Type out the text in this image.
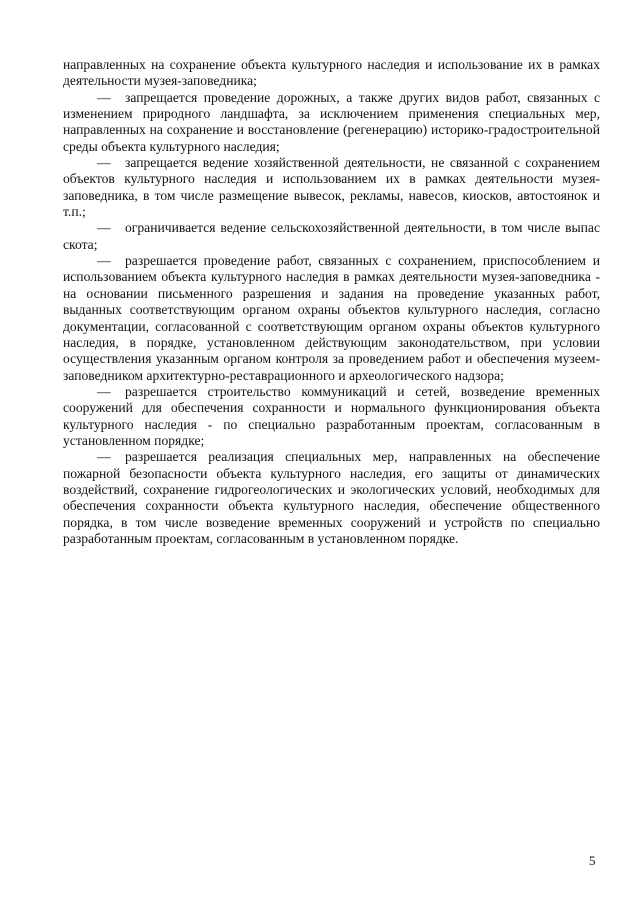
направленных на сохранение объекта культурного наследия и использование их в рамках деятельности музея-заповедника;

— запрещается проведение дорожных, а также других видов работ, связанных с изменением природного ландшафта, за исключением применения специальных мер, направленных на сохранение и восстановление (регенерацию) историко-градостроительной среды объекта культурного наследия;

— запрещается ведение хозяйственной деятельности, не связанной с сохранением объектов культурного наследия и использованием их в рамках деятельности музея-заповедника, в том числе размещение вывесок, рекламы, навесов, киосков, автостоянок и т.п.;

— ограничивается ведение сельскохозяйственной деятельности, в том числе выпас скота;

— разрешается проведение работ, связанных с сохранением, приспособлением и использованием объекта культурного наследия в рамках деятельности музея-заповедника - на основании письменного разрешения и задания на проведение указанных работ, выданных соответствующим органом охраны объектов культурного наследия, согласно документации, согласованной с соответствующим органом охраны объектов культурного наследия, в порядке, установленном действующим законодательством, при условии осуществления указанным органом контроля за проведением работ и обеспечения музеем-заповедником архитектурно-реставрационного и археологического надзора;

— разрешается строительство коммуникаций и сетей, возведение временных сооружений для обеспечения сохранности и нормального функционирования объекта культурного наследия - по специально разработанным проектам, согласованным в установленном порядке;

— разрешается реализация специальных мер, направленных на обеспечение пожарной безопасности объекта культурного наследия, его защиты от динамических воздействий, сохранение гидрогеологических и экологических условий, необходимых для обеспечения сохранности объекта культурного наследия, обеспечение общественного порядка, в том числе возведение временных сооружений и устройств по специально разработанным проектам, согласованным в установленном порядке.

5
